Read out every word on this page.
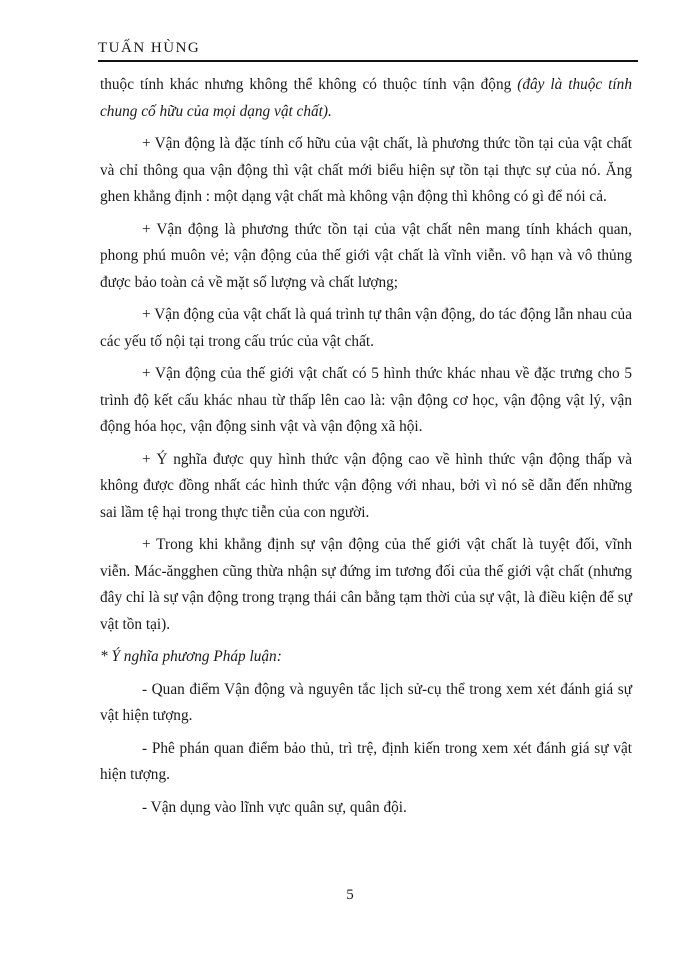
TUẤN HÙNG

thuộc tính khác nhưng không thể không có thuộc tính vận động (đây là thuộc tính chung cố hữu của mọi dạng vật chất).

+ Vận động là đặc tính cố hữu của vật chất, là phương thức tồn tại của vật chất và chỉ thông qua vận động thì vật chất mới biểu hiện sự tồn tại thực sự của nó. Ăng ghen khẳng định : một dạng vật chất mà không vận động thì không có gì để nói cả.

+ Vận động là phương thức tồn tại của vật chất nên mang tính khách quan, phong phú muôn vẻ; vận động của thế giới vật chất là vĩnh viễn. vô hạn và vô thủng được bảo toàn cả về mặt số lượng và chất lượng;

+ Vận động của vật chất là quá trình tự thân vận động, do tác động lẫn nhau của các yếu tố nội tại trong cấu trúc của vật chất.

+ Vận động của thế giới vật chất có 5 hình thức khác nhau về đặc trưng cho 5 trình độ kết cấu khác nhau từ thấp lên cao là: vận động cơ học, vận động vật lý, vận động hóa học, vận động sinh vật và vận động xã hội.

+ Ý nghĩa được quy hình thức vận động cao về hình thức vận động thấp và không được đồng nhất các hình thức vận động với nhau, bởi vì nó sẽ dẫn đến những sai lầm tệ hại trong thực tiễn của con người.

+ Trong khi khẳng định sự vận động của thế giới vật chất là tuyệt đối, vĩnh viễn. Mác-ăngghen cũng thừa nhận sự đứng im tương đối của thế giới vật chất (nhưng đây chỉ là sự vận động trong trạng thái cân bằng tạm thời của sự vật, là điều kiện để sự vật tồn tại).

* Ý nghĩa phương Pháp luận:

- Quan điểm Vận động và nguyên tắc lịch sử-cụ thể trong xem xét đánh giá sự vật hiện tượng.

- Phê phán quan điểm bảo thủ, trì trệ, định kiến trong xem xét đánh giá sự vật hiện tượng.

- Vận dụng vào lĩnh vực quân sự, quân đội.

5
